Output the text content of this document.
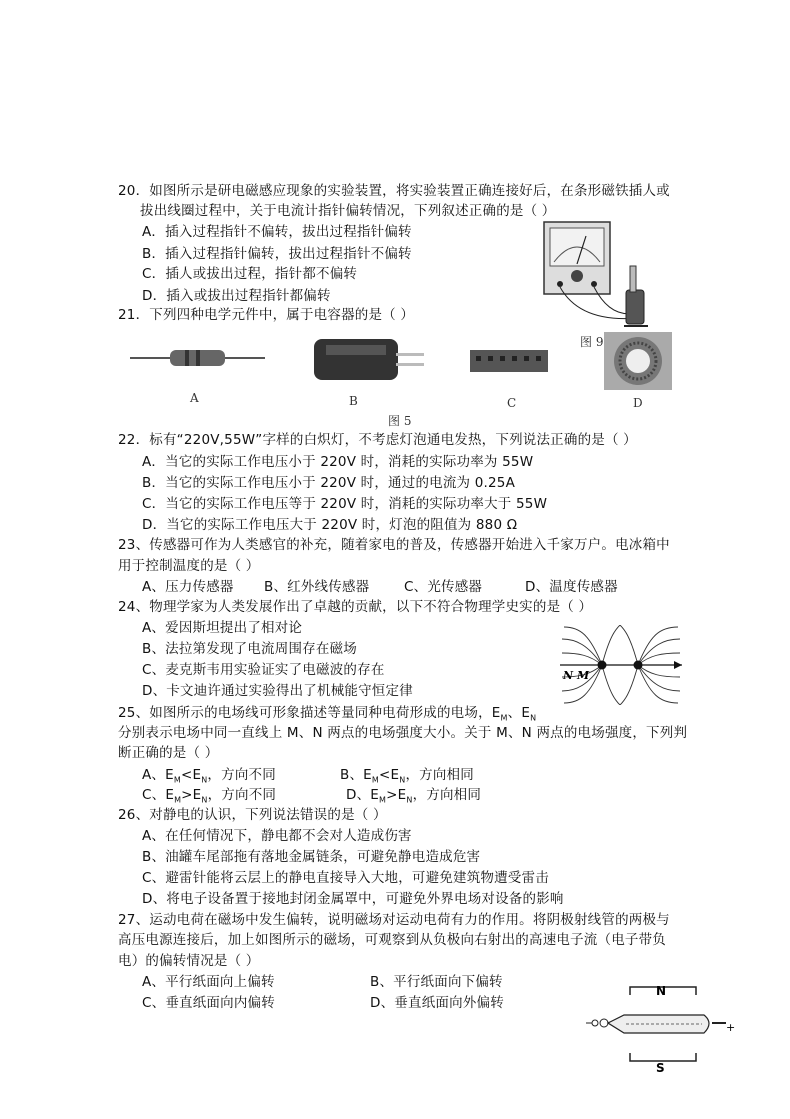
20．如图所示是研电磁感应现象的实验装置，将实验装置正确连接好后，在条形磁铁插人或
拔出线圈过程中，关于电流计指针偏转情况，下列叙述正确的是（ ）
A．插入过程指针不偏转，拔出过程指针偏转
B．插入过程指针偏转，拔出过程指针不偏转
C．插人或拔出过程，指针都不偏转
D．插入或拔出过程指针都偏转
图 9
21．下列四种电学元件中，属于电容器的是（ ）
A	B	C	D
图 5
22．标有“220V,55W”字样的白炽灯，不考虑灯泡通电发热，下列说法正确的是（ ）
A．当它的实际工作电压小于 220V 时，消耗的实际功率为 55W
B．当它的实际工作电压小于 220V 时，通过的电流为 0.25A
C．当它的实际工作电压等于 220V 时，消耗的实际功率大于 55W
D．当它的实际工作电压大于 220V 时，灯泡的阻值为 880 Ω
23、传感器可作为人类感官的补充，随着家电的普及，传感器开始进入千家万户。电冰箱中
用于控制温度的是（ ）
A、压力传感器 B、红外线传感器	C、光传感器	D、温度传感器
24、物理学家为人类发展作出了卓越的贡献，以下不符合物理学史实的是（ ）
A、爱因斯坦提出了相对论
B、法拉第发现了电流周围存在磁场
C、麦克斯韦用实验证实了电磁波的存在
D、卡文迪许通过实验得出了机械能守恒定律
N M
25、如图所示的电场线可形象描述等量同种电荷形成的电场，$E_M$、$E_N$
分别表示电场中同一直线上 M、N 两点的电场强度大小。关于 M、N 两点的电场强度，下列判
断正确的是（ ）
A、$E_M<E_N$，方向不同	B、$E_M<E_N$，方向相同
C、$E_M>E_N$，方向不同	D、$E_M>E_N$，方向相同
26、对静电的认识，下列说法错误的是（ ）
A、在任何情况下，静电都不会对人造成伤害
B、油罐车尾部拖有落地金属链条，可避免静电造成危害
C、避雷针能将云层上的静电直接导入大地，可避免建筑物遭受雷击
D、将电子设备置于接地封闭金属罩中，可避免外界电场对设备的影响
27、运动电荷在磁场中发生偏转，说明磁场对运动电荷有力的作用。将阴极射线管的两极与
高压电源连接后，加上如图所示的磁场，可观察到从负极向右射出的高速电子流（电子带负
电）的偏转情况是（ ）
A、平行纸面向上偏转	B、平行纸面向下偏转
C、垂直纸面向内偏转	D、垂直纸面向外偏转
N
S
+
